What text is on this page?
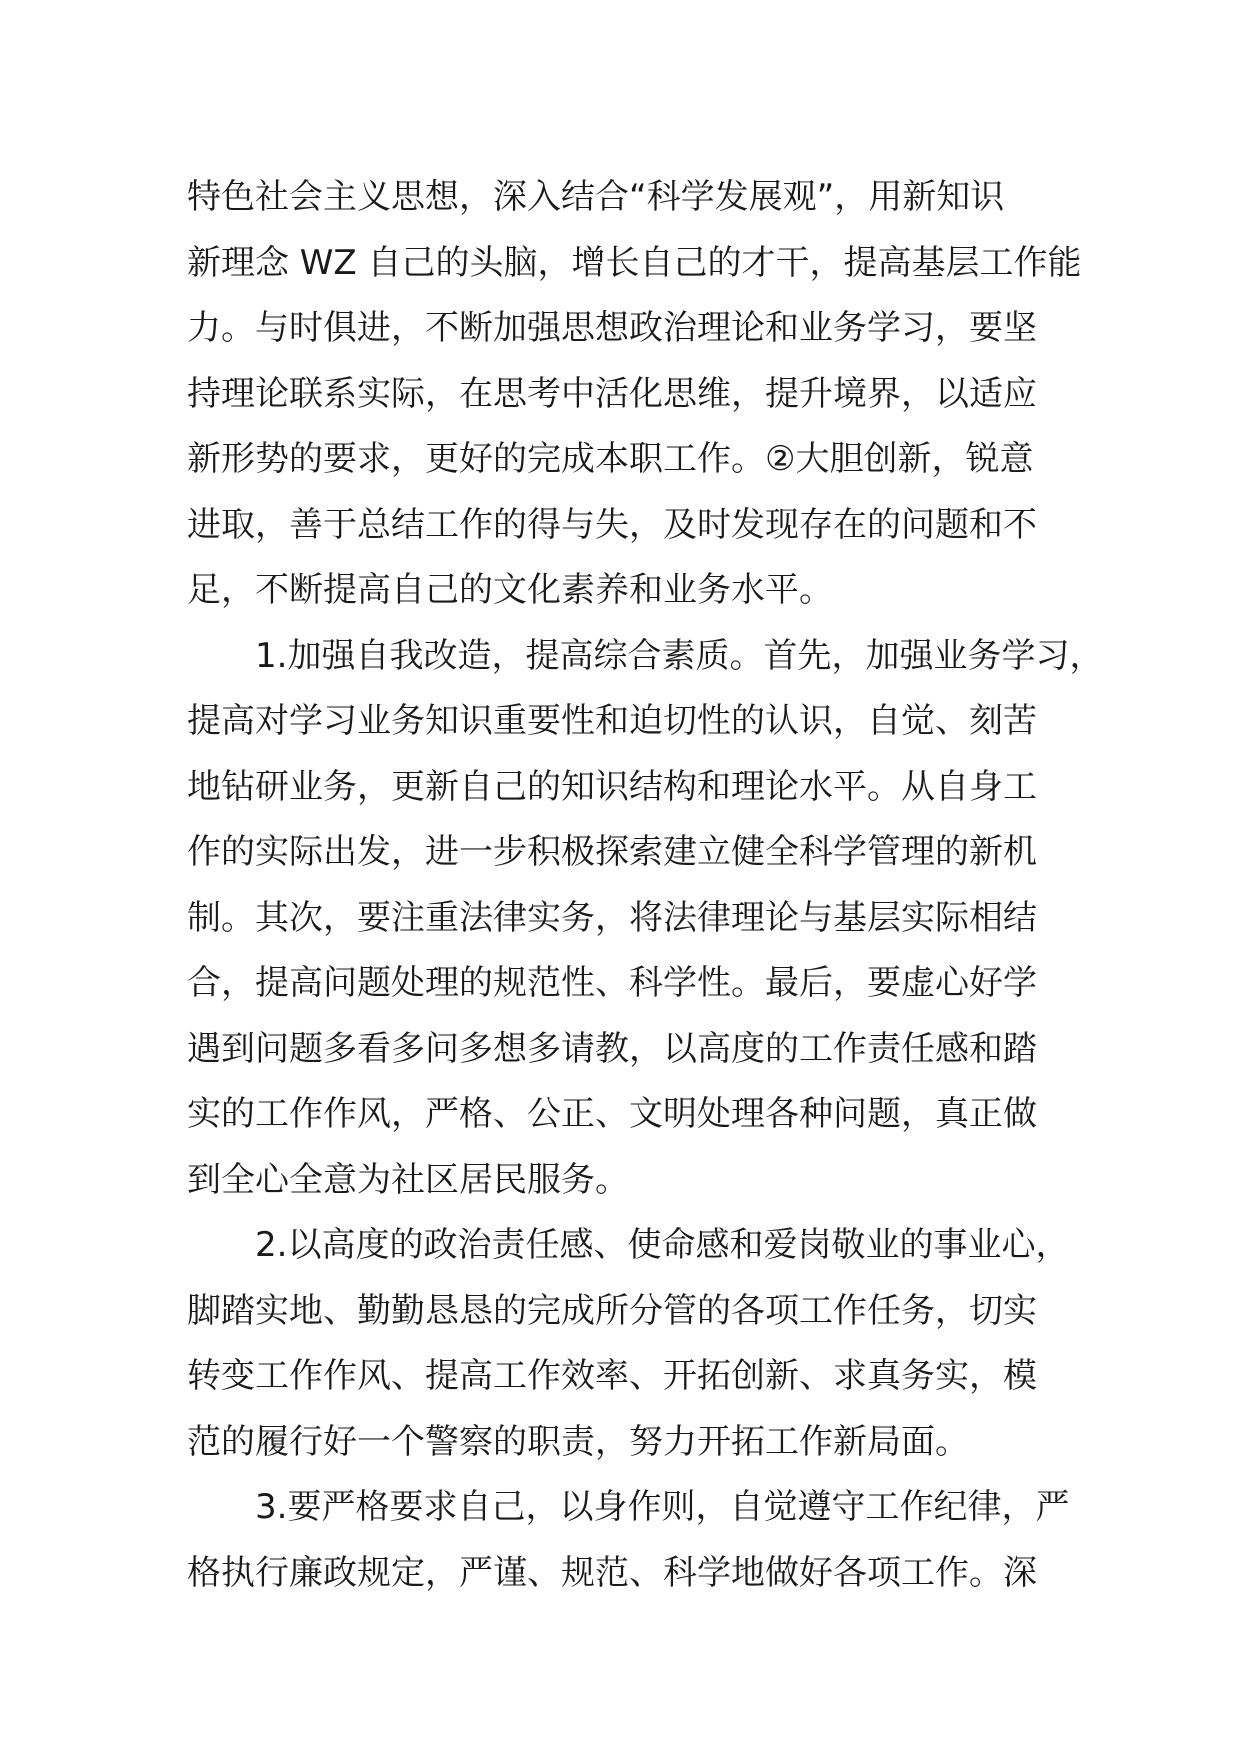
特色社会主义思想，深入结合“科学发展观”，用新知识
新理念 WZ 自己的头脑，增长自己的才干，提高基层工作能
力。与时俱进，不断加强思想政治理论和业务学习，要坚
持理论联系实际，在思考中活化思维，提升境界，以适应
新形势的要求，更好的完成本职工作。②大胆创新，锐意
进取，善于总结工作的得与失，及时发现存在的问题和不
足，不断提高自己的文化素养和业务水平。
1.加强自我改造，提高综合素质。首先，加强业务学习，
提高对学习业务知识重要性和迫切性的认识，自觉、刻苦
地钻研业务，更新自己的知识结构和理论水平。从自身工
作的实际出发，进一步积极探索建立健全科学管理的新机
制。其次，要注重法律实务，将法律理论与基层实际相结
合，提高问题处理的规范性、科学性。最后，要虚心好学
遇到问题多看多问多想多请教，以高度的工作责任感和踏
实的工作作风，严格、公正、文明处理各种问题，真正做
到全心全意为社区居民服务。
2.以高度的政治责任感、使命感和爱岗敬业的事业心，
脚踏实地、勤勤恳恳的完成所分管的各项工作任务，切实
转变工作作风、提高工作效率、开拓创新、求真务实，模
范的履行好一个警察的职责，努力开拓工作新局面。
3.要严格要求自己，以身作则，自觉遵守工作纪律，严
格执行廉政规定，严谨、规范、科学地做好各项工作。深
